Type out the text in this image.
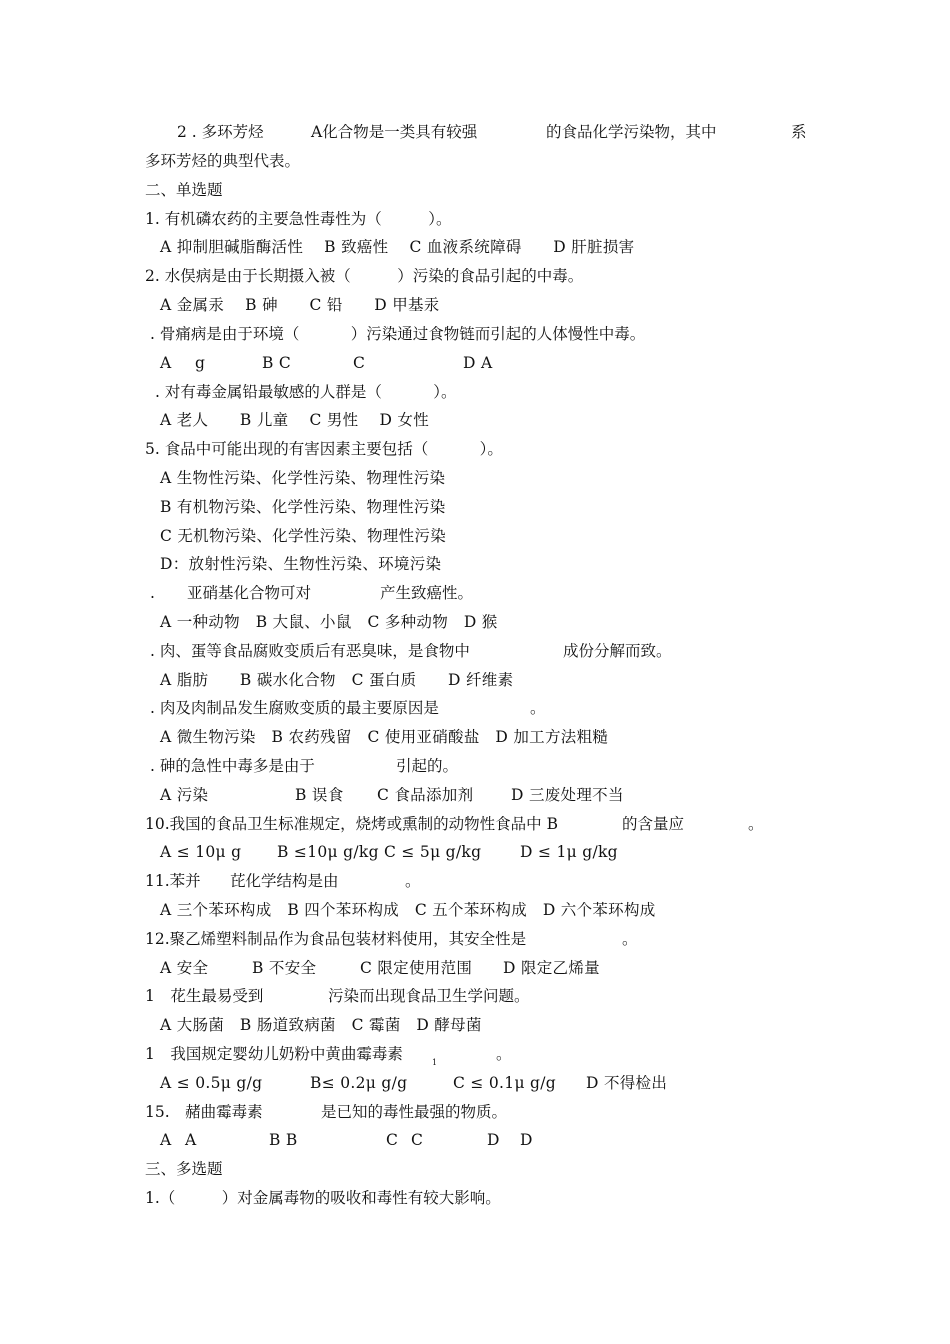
2 . 多环芳烃	A化合物是一类具有较强	的食品化学污染物，其中	系
多环芳烃的典型代表。
二、单选题
1. 有机磷农药的主要急性毒性为（　　　）。
A 抑制胆碱脂酶活性　 B 致癌性　 C 血液系统障碍　　D 肝脏损害
2. 水俣病是由于长期摄入被（　　　）污染的食品引起的中毒。
A 金属汞　 B 砷　　C 铅　　D 甲基汞
. 骨痛病是由于环境（　　　 ）污染通过食物链而引起的人体慢性中毒。
A g	B C	C	D A
. 对有毒金属铅最敏感的人群是（　　　 ）。
A 老人　　B 儿童　 C 男性　 D 女性
5. 食品中可能出现的有害因素主要包括（　　　 ）。
A 生物性污染、化学性污染、物理性污染
B 有机物污染、化学性污染、物理性污染
C 无机物污染、化学性污染、物理性污染
D：放射性污染、生物性污染、环境污染
. 亚硝基化合物可对	产生致癌性。
A 一种动物　B 大鼠、小鼠　C 多种动物　D 猴
. 肉、蛋等食品腐败变质后有恶臭味，是食物中	成份分解而致。
A 脂肪　　B 碳水化合物　C 蛋白质　　D 纤维素
. 肉及肉制品发生腐败变质的最主要原因是	。
A 微生物污染　B 农药残留　C 使用亚硝酸盐　D 加工方法粗糙
. 砷的急性中毒多是由于	引起的。
A 污染	B 误食 C 食品添加剂 D 三废处理不当
10.我国的食品卫生标准规定，烧烤或熏制的动物性食品中 B	的含量应	。
A ≤ 10μ g B ≤10μ g/kg C ≤ 5μ g/kg D ≤ 1μ g/kg
11.苯并 芘化学结构是由	。
A 三个苯环构成　B 四个苯环构成　C 五个苯环构成　D 六个苯环构成
12.聚乙烯塑料制品作为食品包装材料使用，其安全性是	。
A 安全	B 不安全	C 限定使用范围 D 限定乙烯量
1　花生最易受到	污染而出现食品卫生学问题。
A 大肠菌　B 肠道致病菌　C 霉菌　D 酵母菌
1　我国规定婴幼儿奶粉中黄曲霉毒素	。
A ≤ 0.5μ g/g	B≤ 0.2μ g/g	C ≤ 0.1μ g/g D 不得检出
15.　赭曲霉毒素	是已知的毒性最强的物质。
A A	B B	C C	D D
三、多选题
1.（　　　）对金属毒物的吸收和毒性有较大影响。
1
